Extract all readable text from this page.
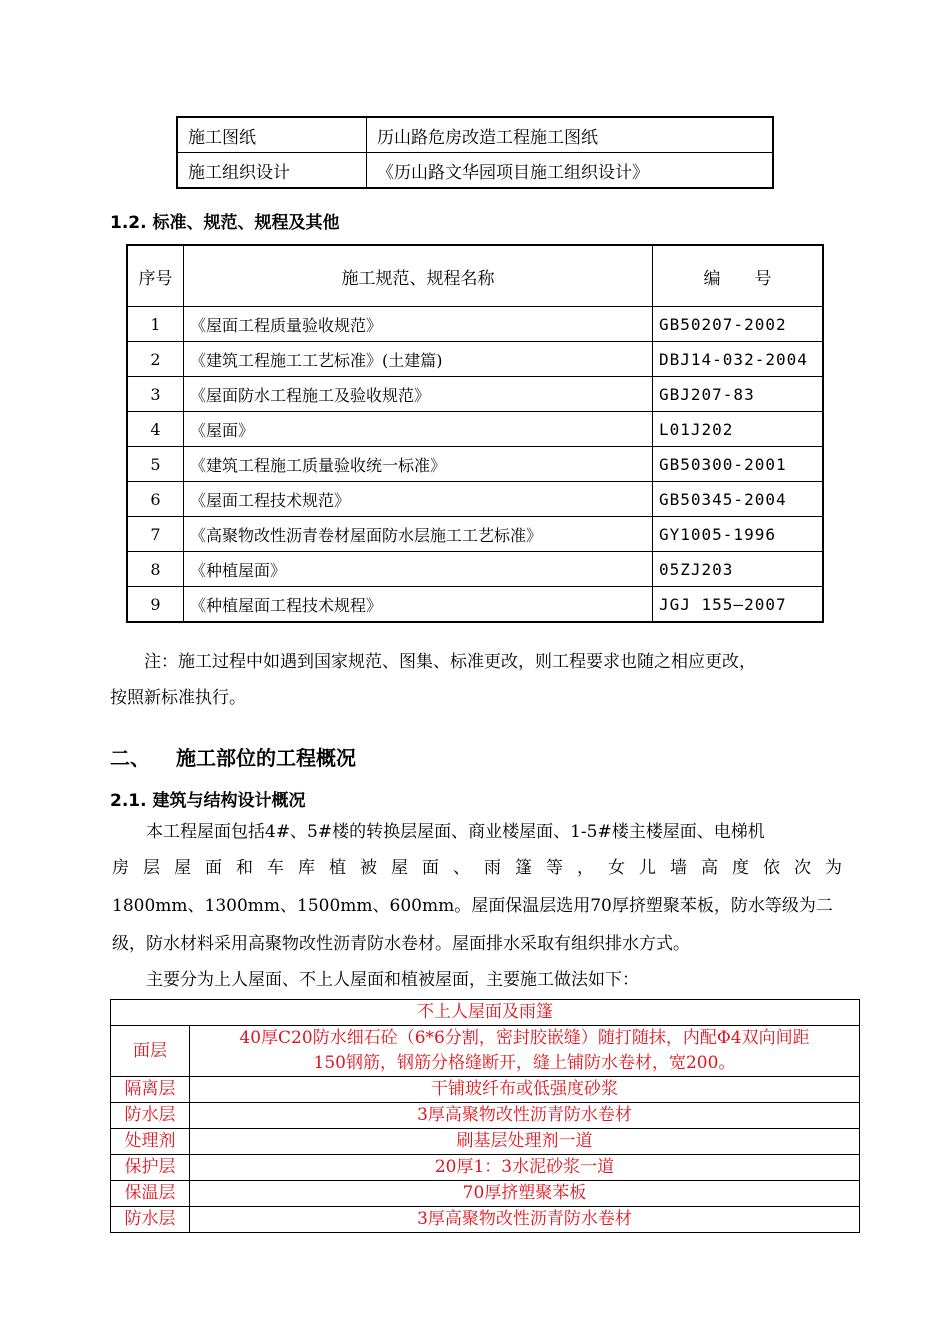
施工图纸	历山路危房改造工程施工图纸
施工组织设计	《历山路文华园项目施工组织设计》
1.2. 标准、规范、规程及其他
序号	施工规范、规程名称	编　　号
1	《屋面工程质量验收规范》	GB50207-2002
2	《建筑工程施工工艺标准》(土建篇)	DBJ14-032-2004
3	《屋面防水工程施工及验收规范》	GBJ207-83
4	《屋面》	L01J202
5	《建筑工程施工质量验收统一标准》	GB50300-2001
6	《屋面工程技术规范》	GB50345-2004
7	《高聚物改性沥青卷材屋面防水层施工工艺标准》	GY1005-1996
8	《种植屋面》	05ZJ203
9	《种植屋面工程技术规程》	JGJ 155—2007
注：施工过程中如遇到国家规范、图集、标准更改，则工程要求也随之相应更改，
按照新标准执行。
二、 施工部位的工程概况
2.1. 建筑与结构设计概况
本工程屋面包括4#、5#楼的转换层屋面、商业楼屋面、1-5#楼主楼屋面、电梯机
房层屋面和车库植被屋面、雨篷等，女儿墙高度依次为
1800mm、1300mm、1500mm、600mm。屋面保温层选用70厚挤塑聚苯板，防水等级为二
级，防水材料采用高聚物改性沥青防水卷材。屋面排水采取有组织排水方式。
主要分为上人屋面、不上人屋面和植被屋面，主要施工做法如下：
不上人屋面及雨篷	
面层	40厚C20防水细石砼（6*6分割，密封胶嵌缝）随打随抹，内配Φ4双向间距
150钢筋，钢筋分格缝断开，缝上铺防水卷材，宽200。

隔离层	干铺玻纤布或低强度砂浆
防水层	3厚高聚物改性沥青防水卷材
处理剂	刷基层处理剂一道
保护层	20厚1：3水泥砂浆一道
保温层	70厚挤塑聚苯板
防水层	3厚高聚物改性沥青防水卷材
